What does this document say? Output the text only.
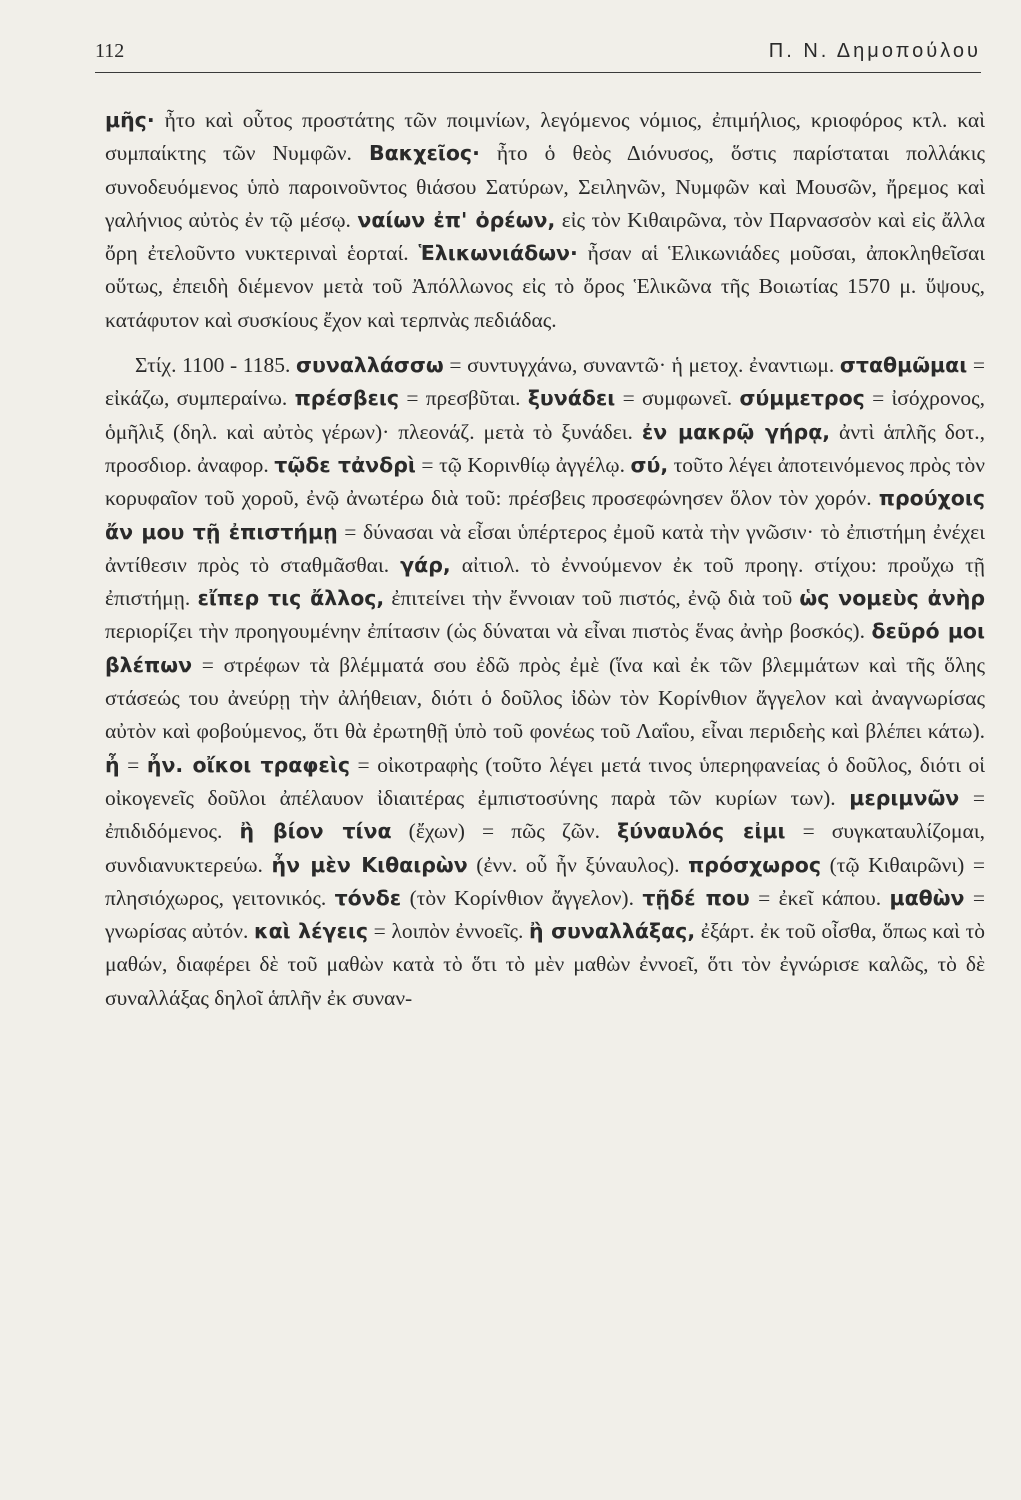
112	Π. Ν. Δημοπούλου

μῆς· ἦτο καὶ οὗτος προστάτης τῶν ποιμνίων, λεγόμενος νόμιος, ἐπιμήλιος, κριοφόρος κτλ. καὶ συμπαίκτης τῶν Νυμφῶν. Βακχεῖος· ἦτο ὁ θεὸς Διόνυσος, ὅστις παρίσταται πολλάκις συνοδευόμενος ὑπὸ παροινοῦντος θιάσου Σατύρων, Σειληνῶν, Νυμφῶν καὶ Μουσῶν, ἤρεμος καὶ γαλήνιος αὐτὸς ἐν τῷ μέσῳ. ναίων ἐπ' ὀρέων, εἰς τὸν Κιθαιρῶνα, τὸν Παρνασσὸν καὶ εἰς ἄλλα ὄρη ἐτελοῦντο νυκτεριναὶ ἑορταί. Ἑλικωνιάδων· ἦσαν αἱ Ἑλικωνιάδες μοῦσαι, ἀποκληθεῖσαι οὕτως, ἐπειδὴ διέμενον μετὰ τοῦ Ἀπόλλωνος εἰς τὸ ὄρος Ἑλικῶνα τῆς Βοιωτίας 1570 μ. ὕψους, κατάφυτον καὶ συσκίους ἔχον καὶ τερπνὰς πεδιάδας.

Στίχ. 1100 - 1185. συναλλάσσω = συντυγχάνω, συναντῶ· ἡ μετοχ. ἐναντιωμ. σταθμῶμαι = εἰκάζω, συμπεραίνω. πρέσβεις = πρεσβῦται. ξυνάδει = συμφωνεῖ. σύμμετρος = ἰσόχρονος, ὁμῆλιξ (δηλ. καὶ αὐτὸς γέρων)· πλεονάζ. μετὰ τὸ ξυνάδει. ἐν μακρῷ γήρᾳ, ἀντὶ ἁπλῆς δοτ., προσδιορ. ἀναφορ. τῷδε τἀνδρὶ = τῷ Κορινθίῳ ἀγγέλῳ. σύ, τοῦτο λέγει ἀποτεινόμενος πρὸς τὸν κορυφαῖον τοῦ χοροῦ, ἐνῷ ἀνωτέρω διὰ τοῦ: πρέσβεις προσεφώνησεν ὅλον τὸν χορόν. προύχοις ἄν μου τῇ ἐπιστήμῃ = δύνασαι νὰ εἶσαι ὑπέρτερος ἐμοῦ κατὰ τὴν γνῶσιν· τὸ ἐπιστήμη ἐνέχει ἀντίθεσιν πρὸς τὸ σταθμᾶσθαι. γάρ, αἰτιολ. τὸ ἐννούμενον ἐκ τοῦ προηγ. στίχου: προὔχω τῇ ἐπιστήμῃ. εἴπερ τις ἄλλος, ἐπιτείνει τὴν ἔννοιαν τοῦ πιστός, ἐνῷ διὰ τοῦ ὡς νομεὺς ἀνὴρ περιορίζει τὴν προηγουμένην ἐπίτασιν (ὡς δύναται νὰ εἶναι πιστὸς ἕνας ἀνὴρ βοσκός). δεῦρό μοι βλέπων = στρέφων τὰ βλέμματά σου ἐδῶ πρὸς ἐμὲ (ἵνα καὶ ἐκ τῶν βλεμμάτων καὶ τῆς ὅλης στάσεώς του ἀνεύρῃ τὴν ἀλήθειαν, διότι ὁ δοῦλος ἰδὼν τὸν Κορίνθιον ἄγγελον καὶ ἀναγνωρίσας αὐτὸν καὶ φοβούμενος, ὅτι θὰ ἐρωτηθῇ ὑπὸ τοῦ φονέως τοῦ Λαΐου, εἶναι περιδεὴς καὶ βλέπει κάτω). ἦ = ἦν. οἴκοι τραφεὶς = οἰκοτραφὴς (τοῦτο λέγει μετά τινος ὑπερηφανείας ὁ δοῦλος, διότι οἱ οἰκογενεῖς δοῦλοι ἀπέλαυον ἰδιαιτέρας ἐμπιστοσύνης παρὰ τῶν κυρίων των). μεριμνῶν = ἐπιδιδόμενος. ἢ βίον τίνα (ἔχων) = πῶς ζῶν. ξύναυλός εἰμι = συγκαταυλίζομαι, συνδιανυκτερεύω. ἦν μὲν Κιθαιρὼν (ἐνν. οὗ ἦν ξύναυλος). πρόσχωρος (τῷ Κιθαιρῶνι) = πλησιόχωρος, γειτονικός. τόνδε (τὸν Κορίνθιον ἄγγελον). τῇδέ που = ἐκεῖ κάπου. μαθὼν = γνωρίσας αὐτόν. καὶ λέγεις = λοιπὸν ἐννοεῖς. ἢ συναλλάξας, ἐξάρτ. ἐκ τοῦ οἶσθα, ὅπως καὶ τὸ μαθών, διαφέρει δὲ τοῦ μαθὼν κατὰ τὸ ὅτι τὸ μὲν μαθὼν ἐννοεῖ, ὅτι τὸν ἐγνώρισε καλῶς, τὸ δὲ συναλλάξας δηλοῖ ἁπλῆν ἐκ συναν-
